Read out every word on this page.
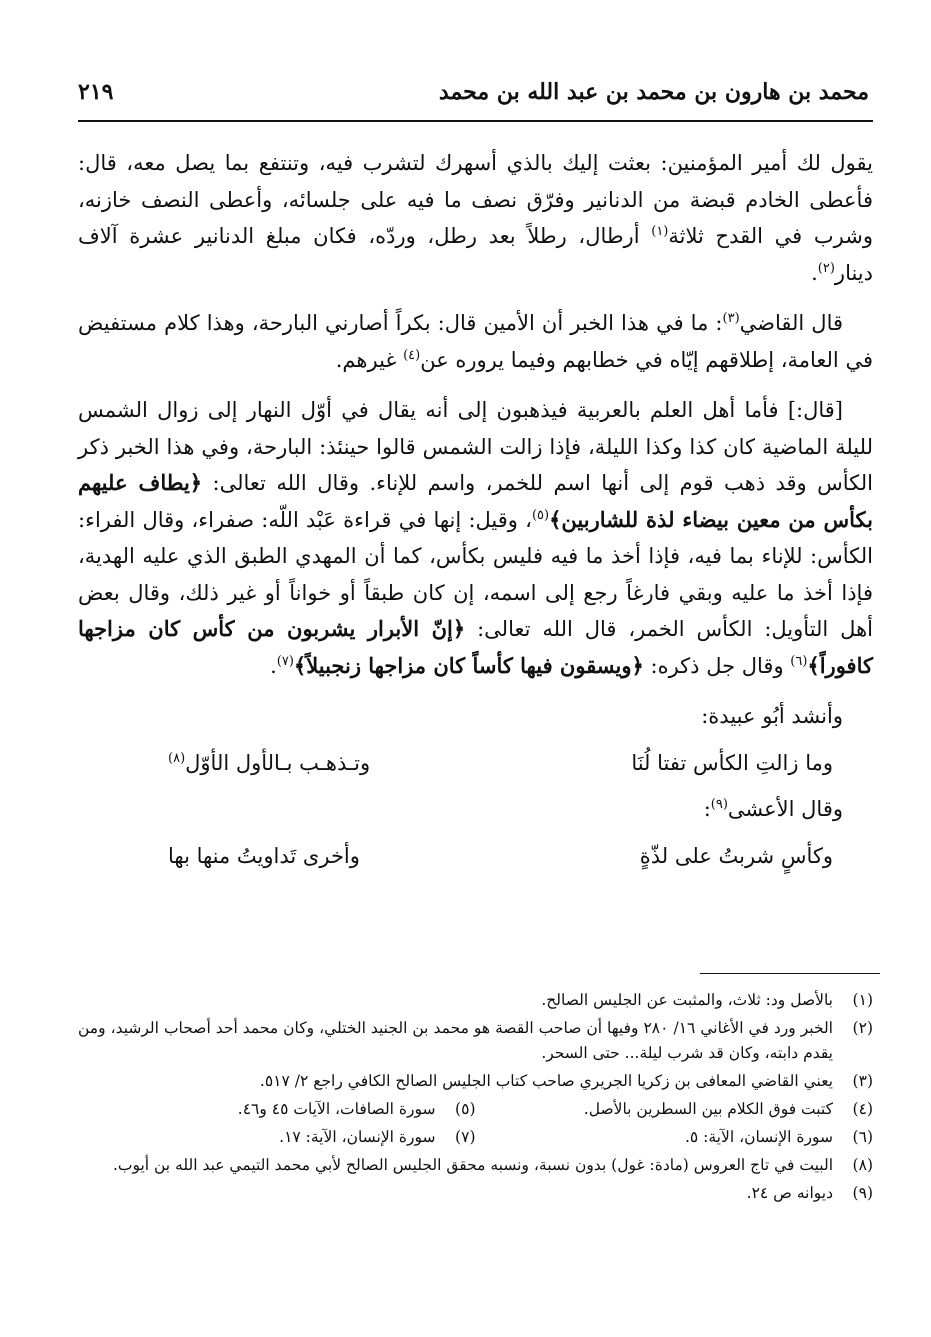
محمد بن هارون بن محمد بن عبد الله بن محمد
٢١٩

يقول لك أمير المؤمنين: بعثت إليك بالذي أسهرك لتشرب فيه، وتنتفع بما يصل معه، قال: فأعطى الخادم قبضة من الدنانير وفرّق نصف ما فيه على جلسائه، وأعطى النصف خازنه، وشرب في القدح ثلاثة$^{(١)}$ أرطال، رطلاً بعد رطل، وردّه، فكان مبلغ الدنانير عشرة آلاف دينار$^{(٢)}$.

قال القاضي$^{(٣)}$: ما في هذا الخبر أن الأمين قال: بكراً أصارني البارحة، وهذا كلام مستفيض في العامة، إطلاقهم إيّاه في خطابهم وفيما يروره عن$^{(٤)}$ غيرهم.

[قال:] فأما أهل العلم بالعربية فيذهبون إلى أنه يقال في أوّل النهار إلى زوال الشمس لليلة الماضية كان كذا وكذا الليلة، فإذا زالت الشمس قالوا حينئذ: البارحة، وفي هذا الخبر ذكر الكأس وقد ذهب قوم إلى أنها اسم للخمر، واسم للإناء. وقال الله تعالى: ﴿يطاف عليهم بكأس من معين بيضاء لذة للشاربين﴾$^{(٥)}$، وقيل: إنها في قراءة عَبْد اللّه: صفراء، وقال الفراء: الكأس: للإناء بما فيه، فإذا أخذ ما فيه فليس بكأس، كما أن المهدي الطبق الذي عليه الهدية، فإذا أخذ ما عليه وبقي فارغاً رجع إلى اسمه، إن كان طبقاً أو خواناً أو غير ذلك، وقال بعض أهل التأويل: الكأس الخمر، قال الله تعالى: ﴿إنّ الأبرار يشربون من كأس كان مزاجها كافوراً﴾$^{(٦)}$ وقال جل ذكره: ﴿ويسقون فيها كأساً كان مزاجها زنجبيلاً﴾$^{(٧)}$.

وأنشد أبُو عبيدة:

وما زالتِ الكأس تفتا لُنَا
وتـذهـب بـالأول الأوّل$^{(٨)}$

وقال الأعشى$^{(٩)}$:

وكأسٍ شربتُ على لذّةٍ
وأخرى تَداويتُ منها بها
(١)
بالأصل ود: ثلاث، والمثبت عن الجليس الصالح.
(٢)
الخبر ورد في الأغاني ١٦/ ٢٨٠ وفيها أن صاحب القصة هو محمد بن الجنيد الختلي، وكان محمد أحد أصحاب الرشيد، ومن يقدم دابته، وكان قد شرب ليلة... حتى السحر.
(٣)
يعني القاضي المعافى بن زكريا الجريري صاحب كتاب الجليس الصالح الكافي راجع ٢/ ٥١٧.
(٤)
كتبت فوق الكلام بين السطرين بالأصل.
(٥)
سورة الصافات، الآيات ٤٥ و٤٦.
(٦)
سورة الإنسان، الآية: ٥.
(٧)
سورة الإنسان، الآية: ١٧.
(٨)
البيت في تاج العروس (مادة: غول) بدون نسبة، ونسبه محقق الجليس الصالح لأبي محمد التيمي عبد الله بن أيوب.
(٩)
ديوانه ص ٢٤.
